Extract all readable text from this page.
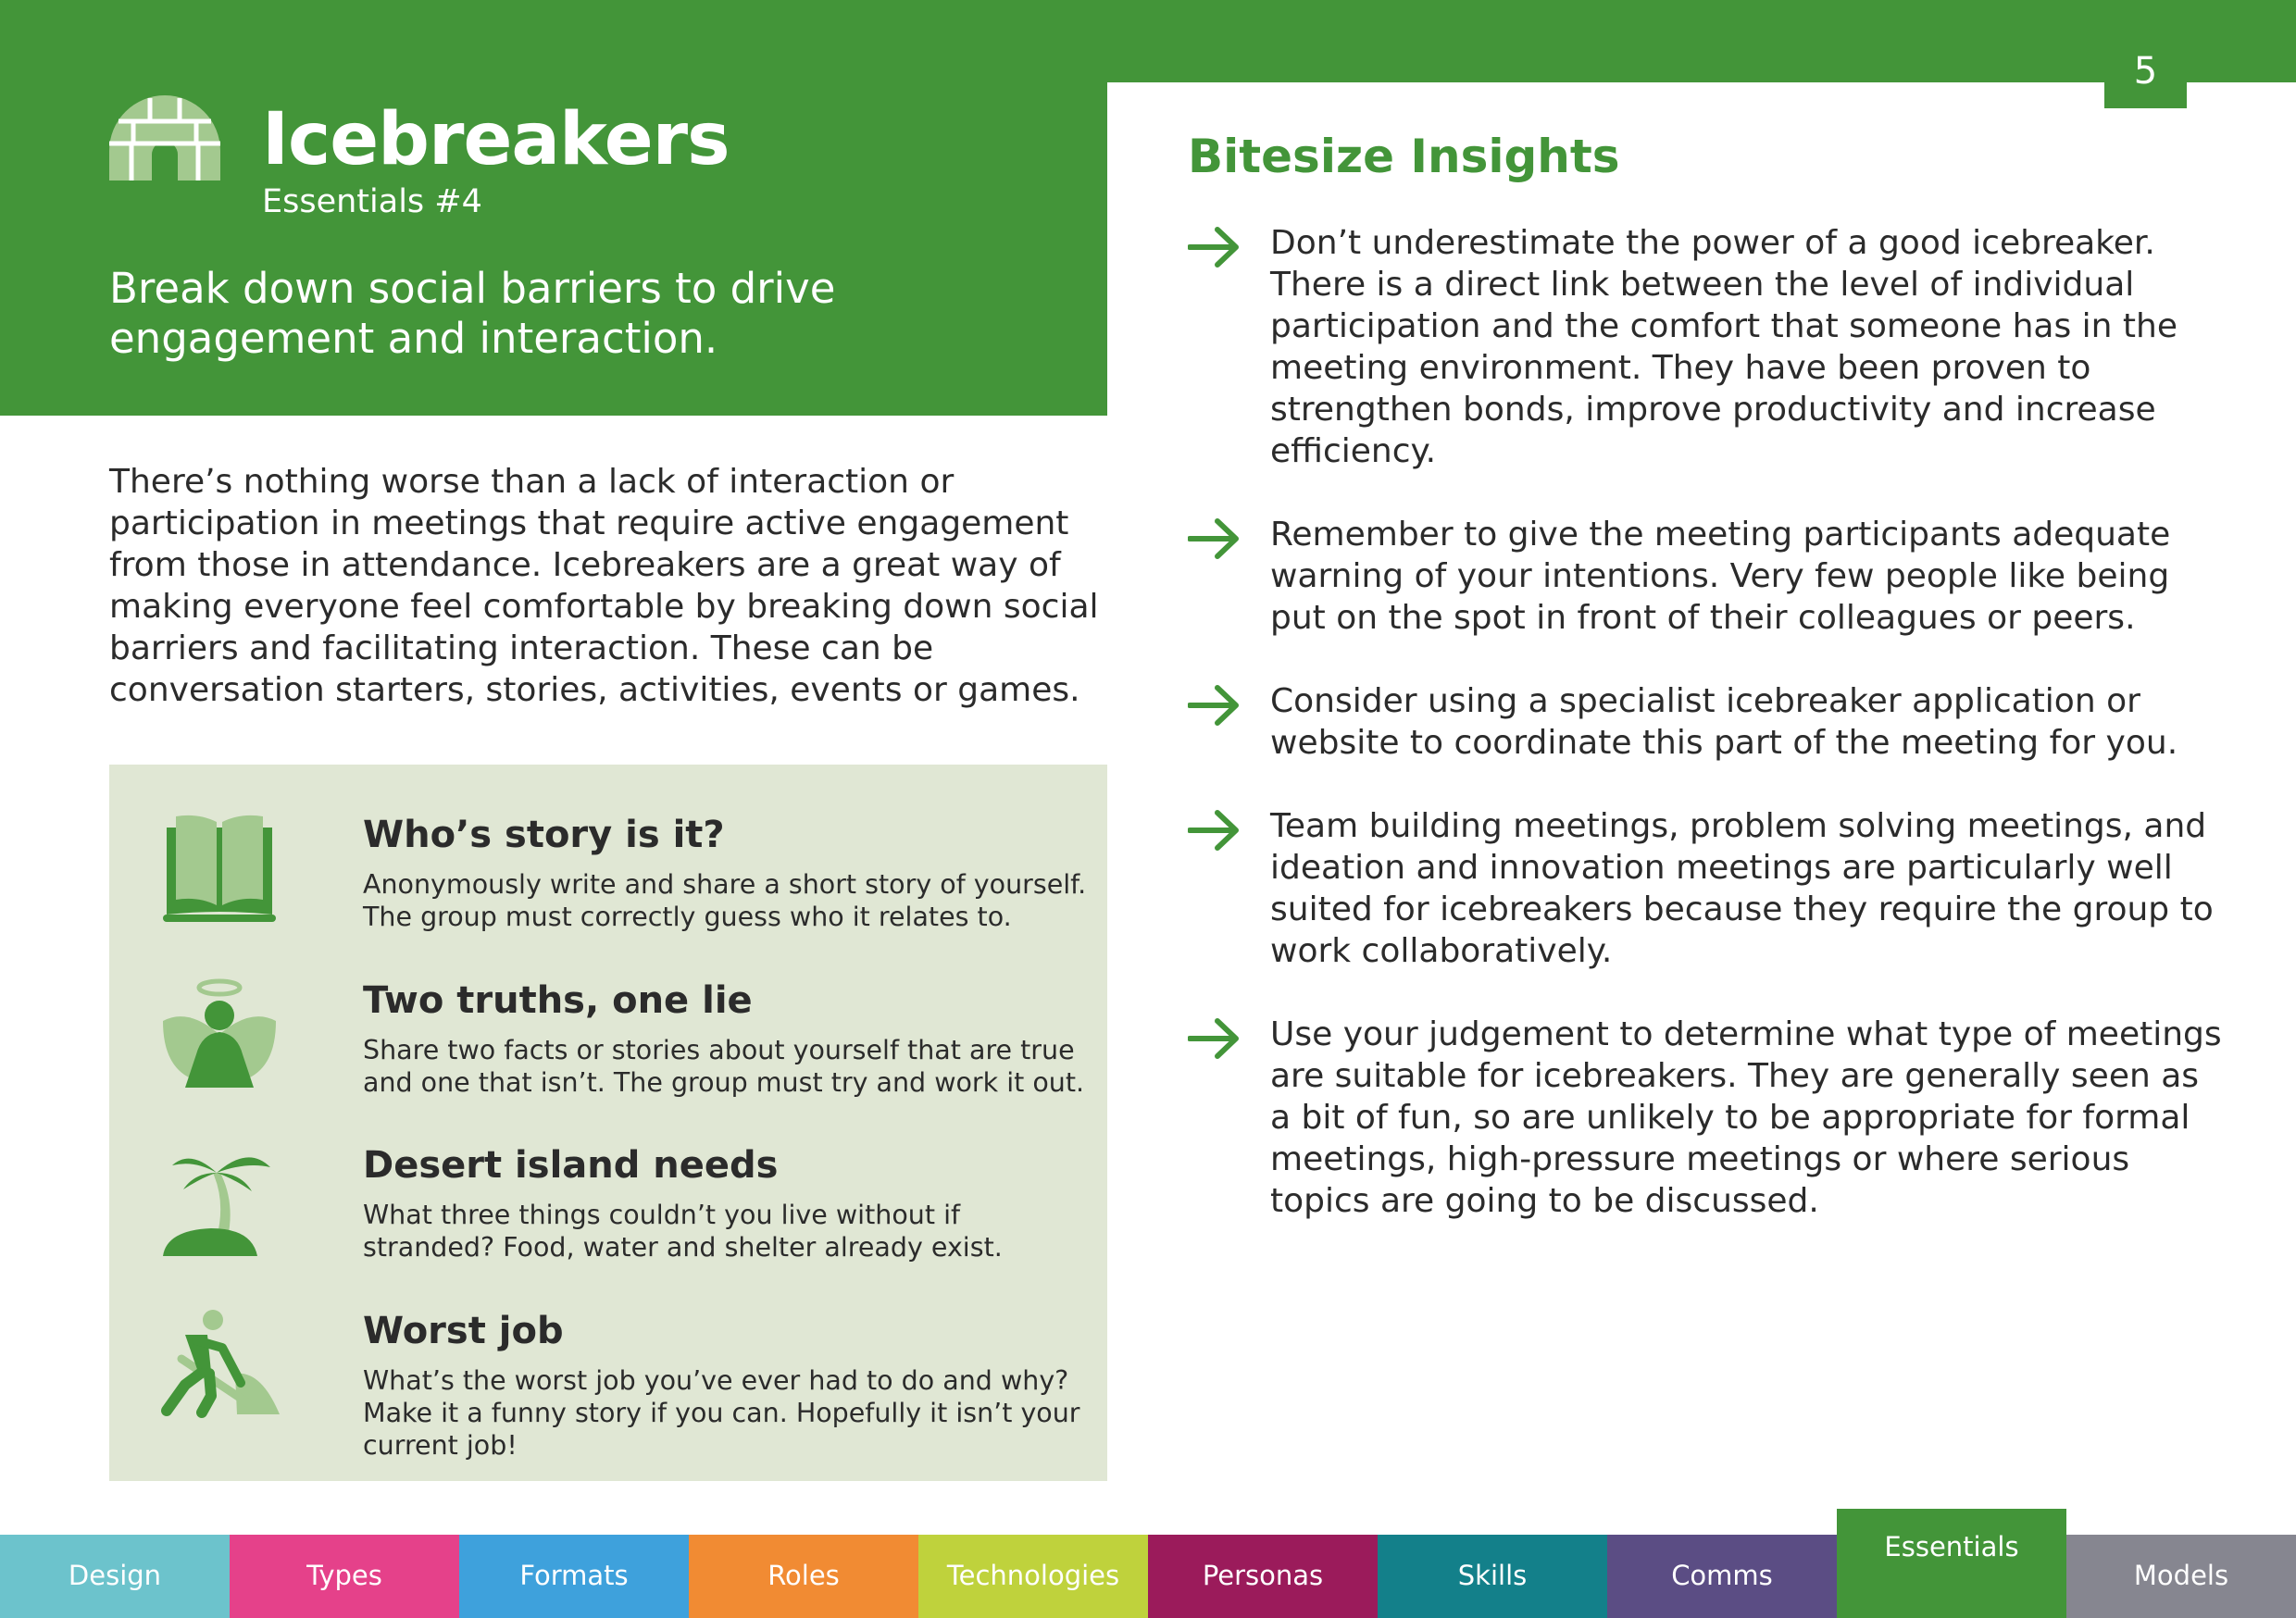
5
Icebreakers
Essentials #4
Break down social barriers to drive engagement and interaction.

There’s nothing worse than a lack of interaction or participation in meetings that require active engagement from those in attendance. Icebreakers are a great way of making everyone feel comfortable by breaking down social barriers and facilitating interaction. These can be conversation starters, stories, activities, events or games.

Who’s story is it?

Anonymously write and share a short story of yourself. The group must correctly guess who it relates to.

Two truths, one lie

Share two facts or stories about yourself that are true and one that isn’t. The group must try and work it out.

Desert island needs

What three things couldn’t you live without if stranded? Food, water and shelter already exist.

Worst job

What’s the worst job you’ve ever had to do and why? Make it a funny story if you can. Hopefully it isn’t your current job!

Bitesize Insights

Don’t underestimate the power of a good icebreaker. There is a direct link between the level of individual participation and the comfort that someone has in the meeting environment. They have been proven to strengthen bonds, improve productivity and increase efficiency.

Remember to give the meeting participants adequate warning of your intentions. Very few people like being put on the spot in front of their colleagues or peers.

Consider using a specialist icebreaker application or website to coordinate this part of the meeting for you.

Team building meetings, problem solving meetings, and ideation and innovation meetings are particularly well suited for icebreakers because they require the group to work collaboratively.

Use your judgement to determine what type of meetings are suitable for icebreakers. They are generally seen as a bit of fun, so are unlikely to be appropriate for formal meetings, high-pressure meetings or where serious topics are going to be discussed.

Design	Types	Formats	Roles	Technologies	Personas	Skills	Comms
Essentials
Models
